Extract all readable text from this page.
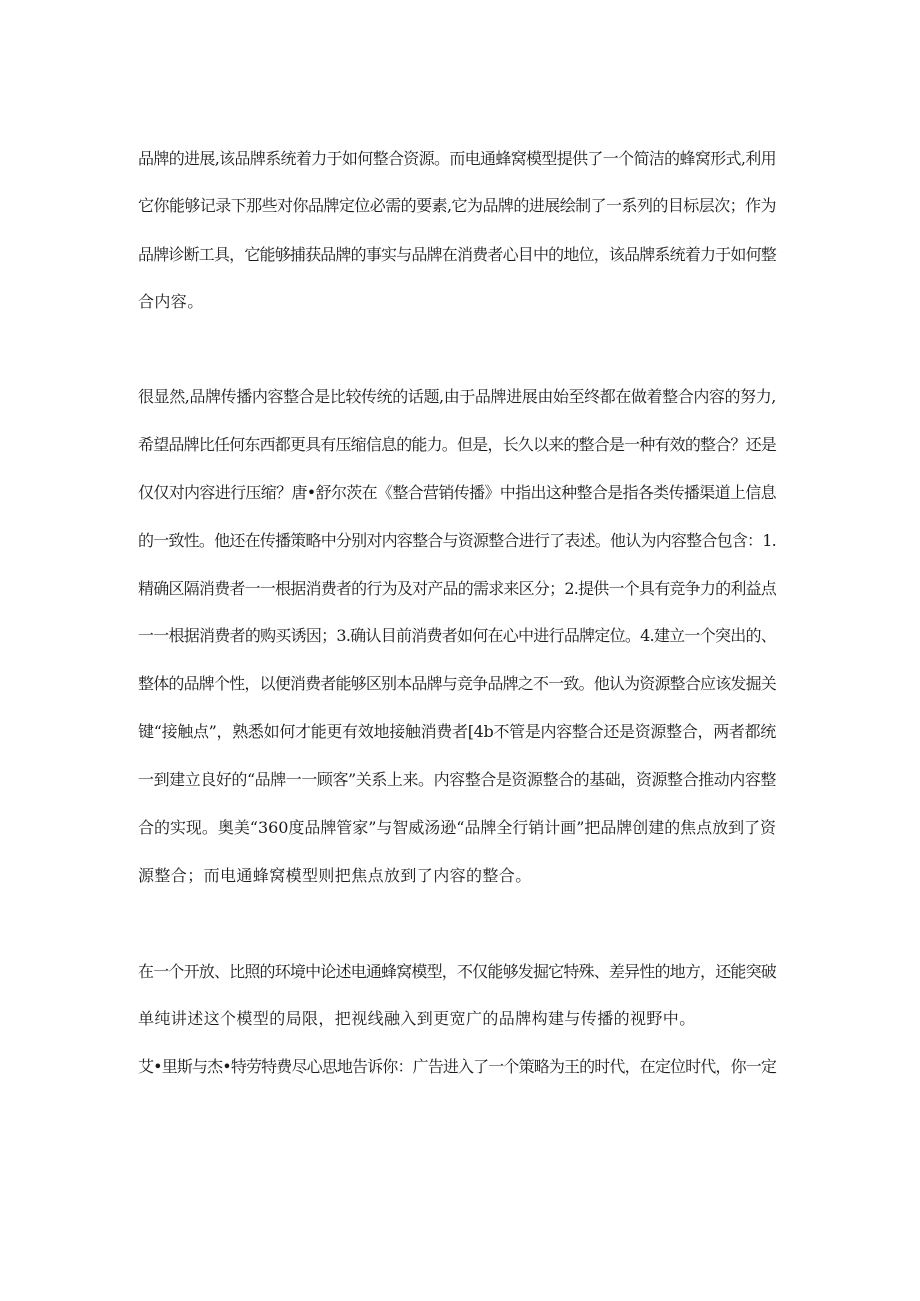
品牌的进展,该品牌系统着力于如何整合资源。而电通蜂窝模型提供了一个简洁的蜂窝形式,利用
它你能够记录下那些对你品牌定位必需的要素,它为品牌的进展绘制了一系列的目标层次；作为
品牌诊断工具，它能够捕获品牌的事实与品牌在消费者心目中的地位，该品牌系统着力于如何整
合内容。
很显然,品牌传播内容整合是比较传统的话题,由于品牌进展由始至终都在做着整合内容的努力,
希望品牌比任何东西都更具有压缩信息的能力。但是，长久以来的整合是一种有效的整合？还是
仅仅对内容进行压缩？唐•舒尔茨在《整合营销传播》中指出这种整合是指各类传播渠道上信息
的一致性。他还在传播策略中分别对内容整合与资源整合进行了表述。他认为内容整合包含：1.
精确区隔消费者一一根据消费者的行为及对产品的需求来区分；2.提供一个具有竞争力的利益点
一一根据消费者的购买诱因；3.确认目前消费者如何在心中进行品牌定位。4.建立一个突出的、
整体的品牌个性，以便消费者能够区别本品牌与竞争品牌之不一致。他认为资源整合应该发掘关
键“接触点”，熟悉如何才能更有效地接触消费者[4b不管是内容整合还是资源整合，两者都统
一到建立良好的“品牌一一顾客”关系上来。内容整合是资源整合的基础，资源整合推动内容整
合的实现。奥美“360度品牌管家”与智威汤逊“品牌全行销计画”把品牌创建的焦点放到了资
源整合；而电通蜂窝模型则把焦点放到了内容的整合。
在一个开放、比照的环境中论述电通蜂窝模型，不仅能够发掘它特殊、差异性的地方，还能突破
单纯讲述这个模型的局限，把视线融入到更宽广的品牌构建与传播的视野中。
艾•里斯与杰•特劳特费尽心思地告诉你：广告进入了一个策略为王的时代，在定位时代，你一定
